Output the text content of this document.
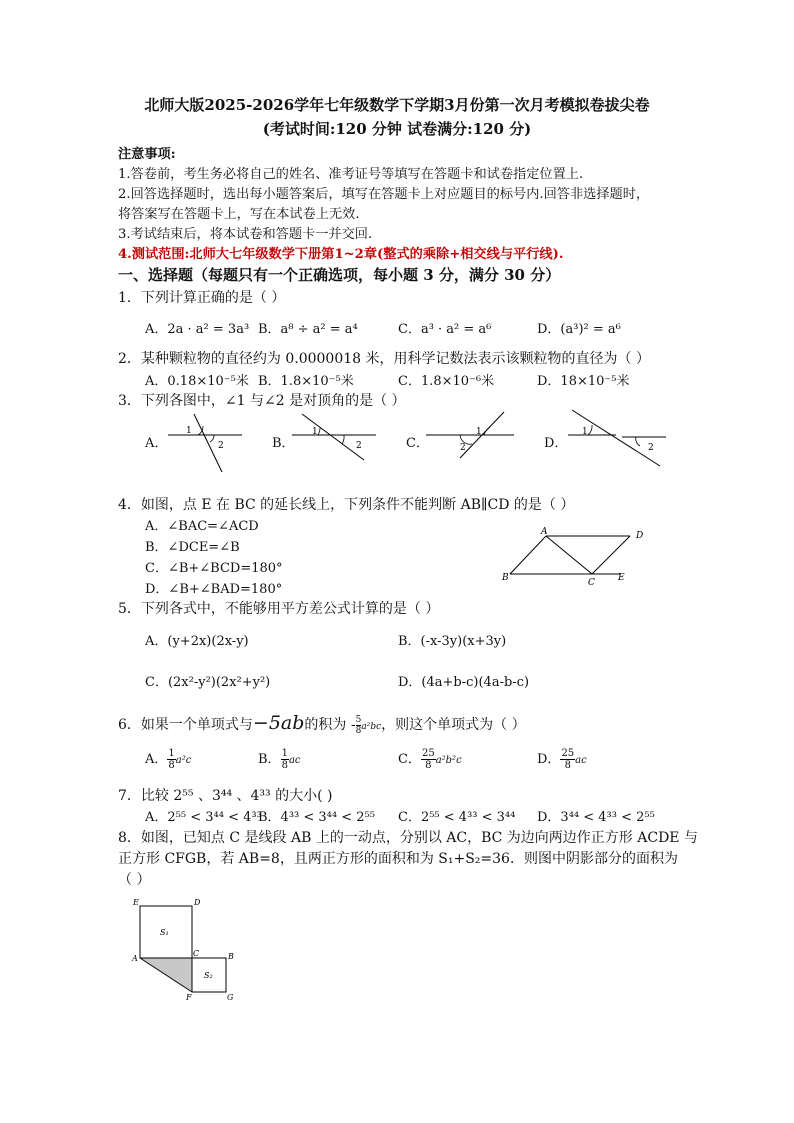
北师大版2025-2026学年七年级数学下学期3月份第一次月考模拟卷拔尖卷
(考试时间:120 分钟 试卷满分:120 分)
注意事项:
1.答卷前，考生务必将自己的姓名、准考证号等填写在答题卡和试卷指定位置上.
2.回答选择题时，选出每小题答案后，填写在答题卡上对应题目的标号内.回答非选择题时，
将答案写在答题卡上，写在本试卷上无效.
3.考试结束后，将本试卷和答题卡一并交回.
4.测试范围:北师大七年级数学下册第1~2章(整式的乘除+相交线与平行线).
一、选择题（每题只有一个正确选项，每小题 3 分，满分 30 分）
1．下列计算正确的是（ ）
A．2a · a² = 3a³ B．a⁸ ÷ a² = a⁴	C．a³ · a² = a⁶	D．(a³)² = a⁶
2．某种颗粒物的直径约为 0.0000018 米，用科学记数法表示该颗粒物的直径为（ ）
A．0.18×10⁻⁵米 B．1.8×10⁻⁵米	C．1.8×10⁻⁶米	D．18×10⁻⁵米
3．下列各图中，∠1 与∠2 是对顶角的是（ ）
A．	B．	C．	D．
1
2
1
2
1
2
1
2
4．如图，点 E 在 BC 的延长线上，下列条件不能判断 AB∥CD 的是（ ）
A．∠BAC=∠ACD
B．∠DCE=∠B
C．∠B+∠BCD=180°
D．∠B+∠BAD=180°
A	D
B	C	E
5．下列各式中，不能够用平方差公式计算的是（ ）
A．(y+2x)(2x-y)	B．(-x-3y)(x+3y)
C．(2x²-y²)(2x²+y²)	D．(4a+b-c)(4a-b-c)
6．如果一个单项式与−5ab的积为 - $\frac{5}{8} a^2bc$，则这个单项式为（ ）
A． $\frac{1}{8} a^2c$	B． $\frac{1}{8}$ ac	C． $\frac{25}{8} a^2b^2c$	D． $\frac{25}{8}$ ac
7．比较 2⁵⁵ 、3⁴⁴ 、4³³ 的大小( )
A．2⁵⁵ < 3⁴⁴ < 4³³
B．4³³ < 3⁴⁴ < 2⁵⁵ C．2⁵⁵ < 4³³ < 3⁴⁴ D．3⁴⁴ < 4³³ < 2⁵⁵
8．如图，已知点 C 是线段 AB 上的一动点，分别以 AC，BC 为边向两边作正方形 ACDE 与
正方形 CFGB，若 AB=8，且两正方形的面积和为 S₁+S₂=36．则图中阴影部分的面积为
（ ）
E	D
A
C	B
F	G
S₁
S₂
